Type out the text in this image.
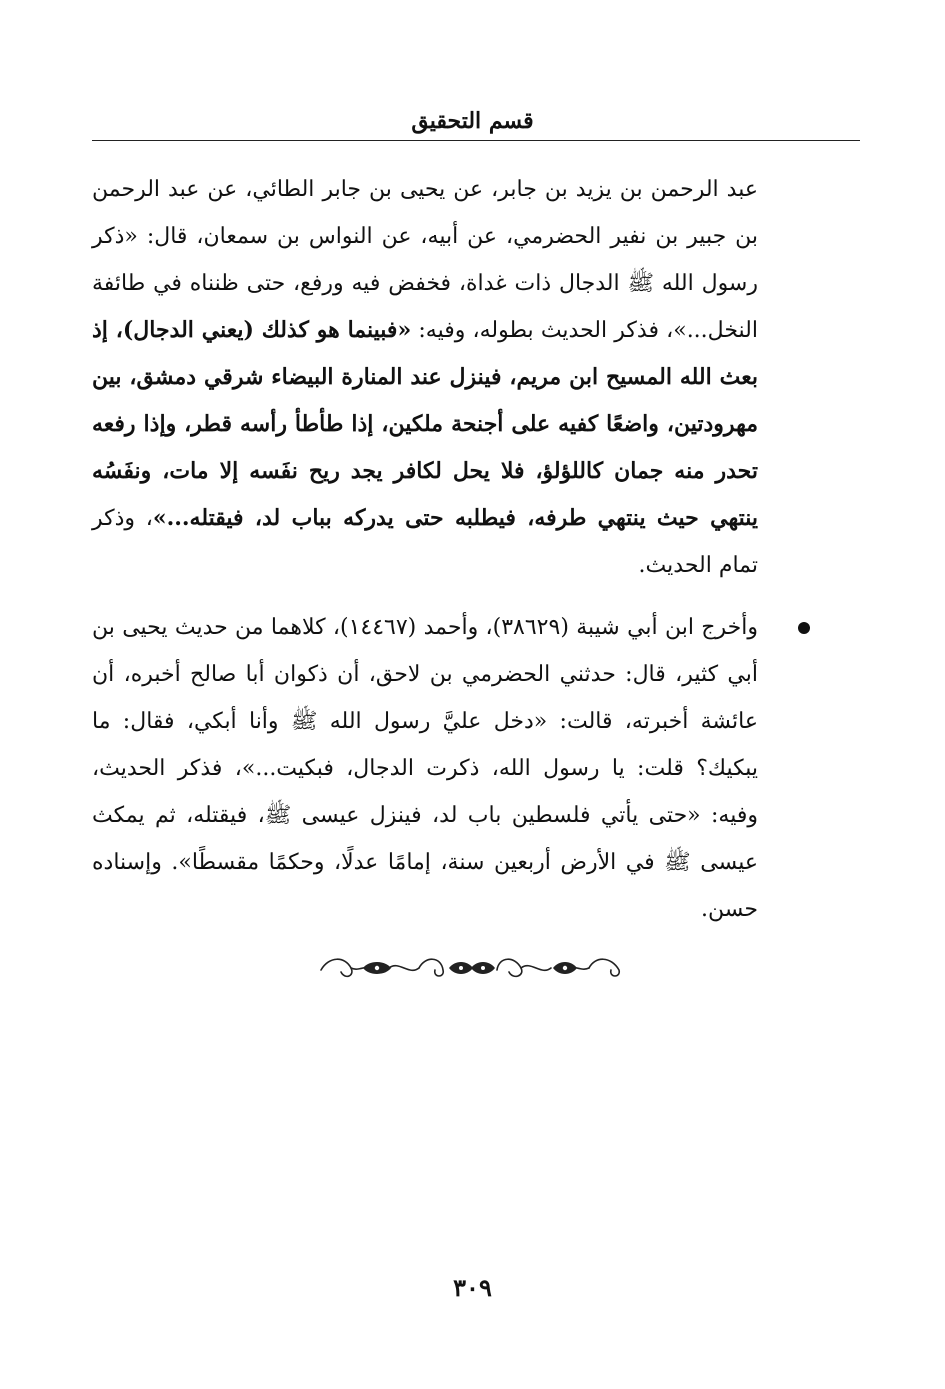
قسم التحقيق
عبد الرحمن بن يزيد بن جابر، عن يحيى بن جابر الطائي، عن عبد الرحمن بن جبير بن نفير الحضرمي، عن أبيه، عن النواس بن سمعان، قال: «ذكر رسول الله ﷺ الدجال ذات غداة، فخفض فيه ورفع، حتى ظنناه في طائفة النخل...»، فذكر الحديث بطوله، وفيه: «فبينما هو كذلك (يعني الدجال)، إذ بعث الله المسيح ابن مريم، فينزل عند المنارة البيضاء شرقي دمشق، بين مهرودتين، واضعًا كفيه على أجنحة ملكين، إذا طأطأ رأسه قطر، وإذا رفعه تحدر منه جمان كاللؤلؤ، فلا يحل لكافر يجد ريح نفَسه إلا مات، ونفَسُه ينتهي حيث ينتهي طرفه، فيطلبه حتى يدركه بباب لد، فيقتله...»، وذكر تمام الحديث.
وأخرج ابن أبي شيبة (٣٨٦٢٩)، وأحمد (١٤٤٦٧)، كلاهما من حديث يحيى بن أبي كثير، قال: حدثني الحضرمي بن لاحق، أن ذكوان أبا صالح أخبره، أن عائشة أخبرته، قالت: «دخل عليَّ رسول الله ﷺ وأنا أبكي، فقال: ما يبكيك؟ قلت: يا رسول الله، ذكرت الدجال، فبكيت...»، فذكر الحديث، وفيه: «حتى يأتي فلسطين باب لد، فينزل عيسى ﷺ، فيقتله، ثم يمكث عيسى ﷺ في الأرض أربعين سنة، إمامًا عدلًا، وحكمًا مقسطًا». وإسناده حسن.
٣٠٩
